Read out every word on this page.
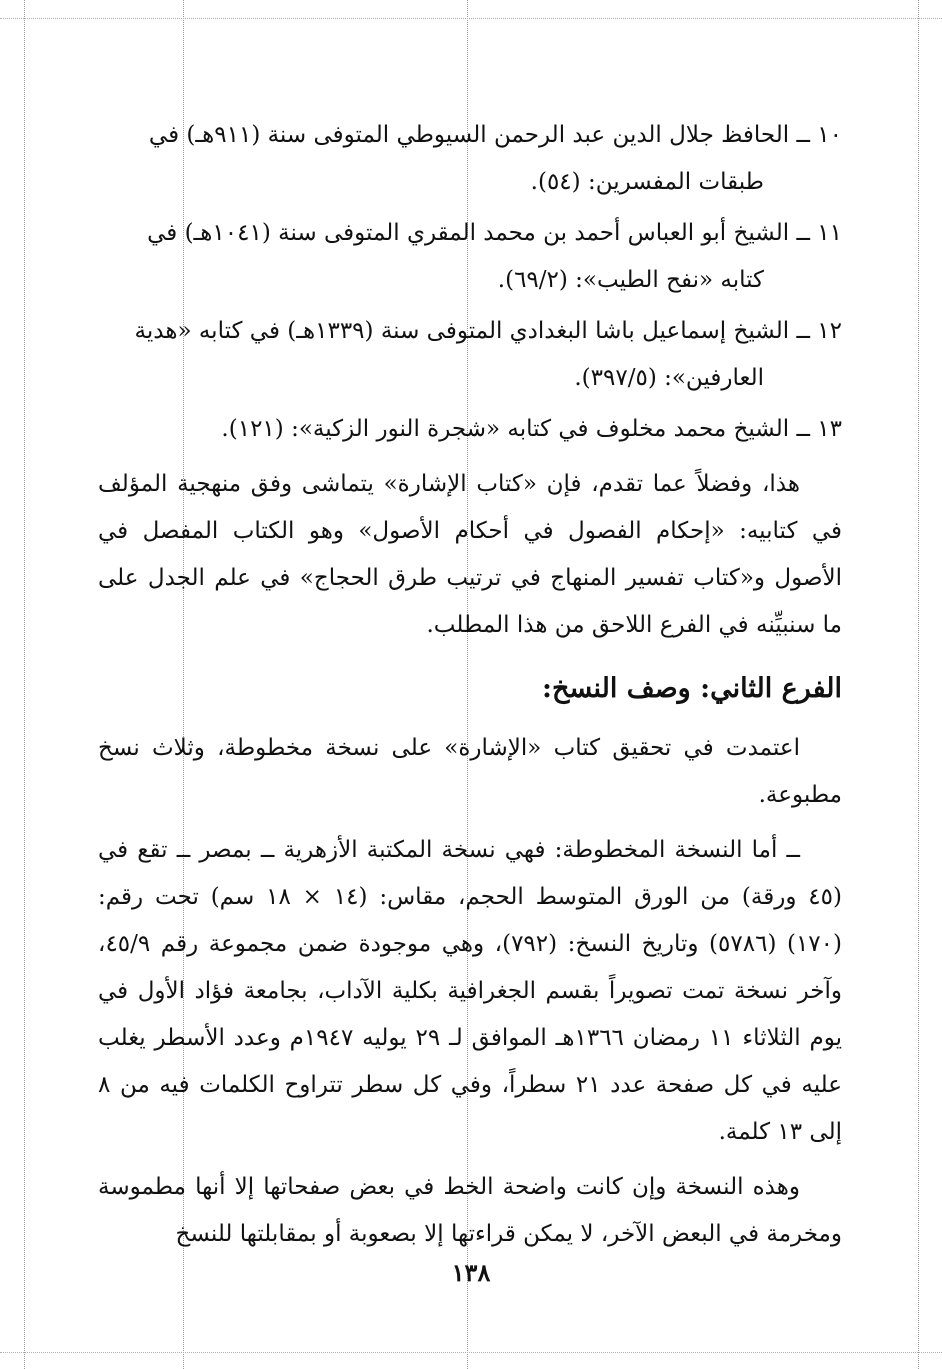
١٠ ــ الحافظ جلال الدين عبد الرحمن السيوطي المتوفى سنة (٩١١هـ) في
طبقات المفسرين: (٥٤).
١١ ــ الشيخ أبو العباس أحمد بن محمد المقري المتوفى سنة (١٠٤١هـ) في
كتابه «نفح الطيب»: (٦٩/٢).
١٢ ــ الشيخ إسماعيل باشا البغدادي المتوفى سنة (١٣٣٩هـ) في كتابه «هدية
العارفين»: (٣٩٧/٥).
١٣ ــ الشيخ محمد مخلوف في كتابه «شجرة النور الزكية»: (١٢١).

هذا، وفضلاً عما تقدم، فإن «كتاب الإشارة» يتماشى وفق منهجية المؤلف في كتابيه: «إحكام الفصول في أحكام الأصول» وهو الكتاب المفصل في الأصول و«كتاب تفسير المنهاج في ترتيب طرق الحجاج» في علم الجدل على ما سنبيِّنه في الفرع اللاحق من هذا المطلب.

الفرع الثاني: وصف النسخ:

اعتمدت في تحقيق كتاب «الإشارة» على نسخة مخطوطة، وثلاث نسخ مطبوعة.

ــ أما النسخة المخطوطة: فهي نسخة المكتبة الأزهرية ــ بمصر ــ تقع في (٤٥ ورقة) من الورق المتوسط الحجم، مقاس: (١٤ × ١٨ سم) تحت رقم: (١٧٠) (٥٧٨٦) وتاريخ النسخ: (٧٩٢)، وهي موجودة ضمن مجموعة رقم ٤٥/٩، وآخر نسخة تمت تصويراً بقسم الجغرافية بكلية الآداب، بجامعة فؤاد الأول في يوم الثلاثاء ١١ رمضان ١٣٦٦هـ الموافق لـ ٢٩ يوليه ١٩٤٧م وعدد الأسطر يغلب عليه في كل صفحة عدد ٢١ سطراً، وفي كل سطر تتراوح الكلمات فيه من ٨ إلى ١٣ كلمة.

وهذه النسخة وإن كانت واضحة الخط في بعض صفحاتها إلا أنها مطموسة ومخرمة في البعض الآخر، لا يمكن قراءتها إلا بصعوبة أو بمقابلتها للنسخ

١٣٨
